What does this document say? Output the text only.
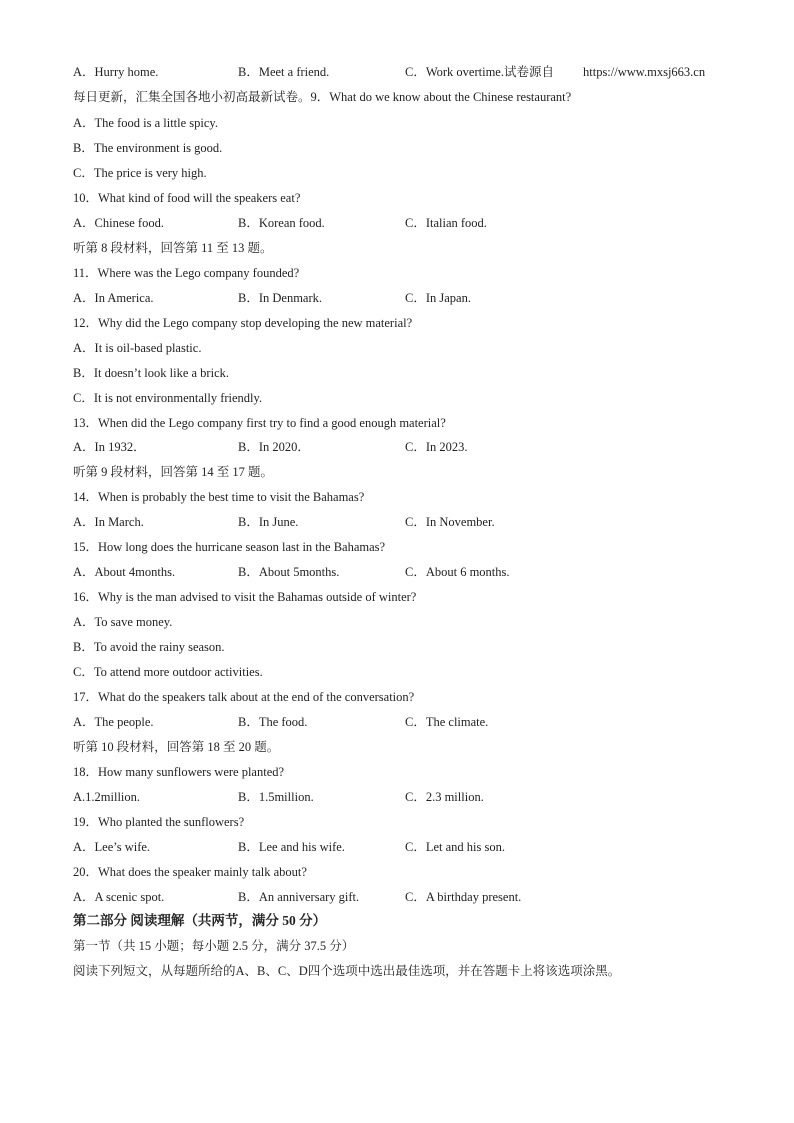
A．Hurry home.	B．Meet a friend.	C．Work overtime.试卷源自 https://www.mxsj663.cn
每日更新，汇集全国各地小初高最新试卷。9．What do we know about the Chinese restaurant?
A．The food is a little spicy.
B．The environment is good.
C．The price is very high.
10．What kind of food will the speakers eat?
A．Chinese food.	B．Korean food.	C．Italian food.
听第 8 段材料，回答第 11 至 13 题。
11．Where was the Lego company founded?
A．In America.	B．In Denmark.	C．In Japan.
12．Why did the Lego company stop developing the new material?
A．It is oil-based plastic.
B．It doesn’t look like a brick.
C．It is not environmentally friendly.
13．When did the Lego company first try to find a good enough material?
A．In 1932．	B．In 2020．	C．In 2023.
听第 9 段材料，回答第 14 至 17 题。
14．When is probably the best time to visit the Bahamas?
A．In March.	B．In June.	C．In November.
15．How long does the hurricane season last in the Bahamas?
A．About 4months.	B．About 5months.	C．About 6 months.
16．Why is the man advised to visit the Bahamas outside of winter?
A．To save money.
B．To avoid the rainy season.
C．To attend more outdoor activities.
17．What do the speakers talk about at the end of the conversation?
A．The people.	B．The food.	C．The climate.
听第 10 段材料，回答第 18 至 20 题。
18．How many sunflowers were planted?
A.1.2million.	B．1.5million.	C．2.3 million.
19．Who planted the sunflowers?
A．Lee’s wife.	B．Lee and his wife.	C．Let and his son.
20．What does the speaker mainly talk about?
A．A scenic spot.	B．An anniversary gift.	C．A birthday present.
第二部分 阅读理解（共两节，满分 50 分）
第一节（共 15 小题；每小题 2.5 分，满分 37.5 分）
阅读下列短文，从每题所给的A、B、C、D四个选项中选出最佳选项，并在答题卡上将该选项涂黑。
